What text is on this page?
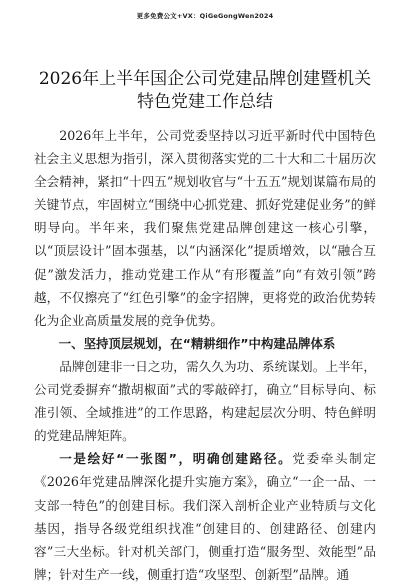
更多免费公文+VX：QiGeGongWen2024
2026年上半年国企公司党建品牌创建暨机关特色党建工作总结

2026年上半年，公司党委坚持以习近平新时代中国特色社会主义思想为指引，深入贯彻落实党的二十大和二十届历次全会精神，紧扣“十四五”规划收官与“十五五”规划谋篇布局的关键节点，牢固树立“围绕中心抓党建、抓好党建促业务”的鲜明导向。半年来，我们聚焦党建品牌创建这一核心引擎，以“顶层设计”固本强基，以“内涵深化”提质增效，以“融合互促”激发活力，推动党建工作从“有形覆盖”向“有效引领”跨越，不仅擦亮了“红色引擎”的金字招牌，更将党的政治优势转化为企业高质量发展的竞争优势。

一、坚持顶层规划，在“精耕细作”中构建品牌体系

品牌创建非一日之功，需久久为功、系统谋划。上半年，公司党委摒弃“撒胡椒面”式的零敲碎打，确立“目标导向、标准引领、全域推进”的工作思路，构建起层次分明、特色鲜明的党建品牌矩阵。

一是绘好“一张图”，明确创建路径。党委牵头制定《2026年党建品牌深化提升实施方案》，确立“一企一品、一支部一特色”的创建目标。我们深入剖析企业产业特质与文化基因，指导各级党组织找准“创建目的、创建路径、创建内容”三大坐标。针对机关部门，侧重打造“服务型、效能型”品牌；针对生产一线，侧重打造“攻坚型、创新型”品牌。通
